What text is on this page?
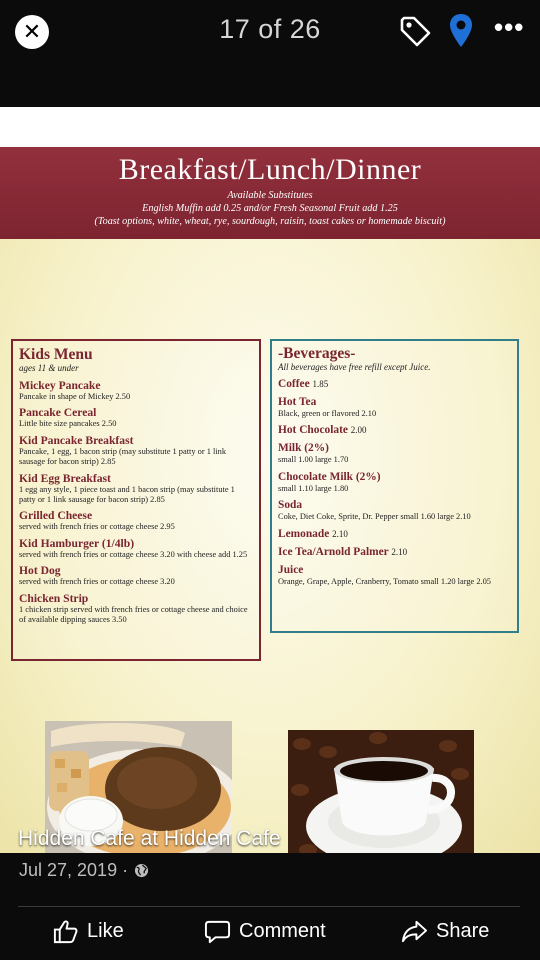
✕	17 of 26	•••
Breakfast/Lunch/Dinner
Available Substitutes
English Muffin add 0.25 and/or Fresh Seasonal Fruit add 1.25
(Toast options, white, wheat, rye, sourdough, raisin, toast cakes or homemade biscuit)
Kids Menu
ages 11 & under
Mickey Pancake
Pancake in shape of Mickey 2.50
Pancake Cereal
Little bite size pancakes 2.50
Kid Pancake Breakfast
Pancake, 1 egg, 1 bacon strip (may substitute 1 patty or 1 link sausage for bacon strip) 2.85
Kid Egg Breakfast
1 egg any style, 1 piece toast and 1 bacon strip (may substitute 1 patty or 1 link sausage for bacon strip) 2.85
Grilled Cheese
served with french fries or cottage cheese 2.95
Kid Hamburger (1/4lb)
served with french fries or cottage cheese 3.20 with cheese add 1.25
Hot Dog
served with french fries or cottage cheese 3.20
Chicken Strip
1 chicken strip served with french fries or cottage cheese and choice of available dipping sauces 3.50
-Beverages-
All beverages have free refill except Juice.
Coffee 1.85
Hot Tea
Black, green or flavored 2.10
Hot Chocolate 2.00
Milk (2%)
small 1.00 large 1.70
Chocolate Milk (2%)
small 1.10 large 1.80
Soda
Coke, Diet Coke, Sprite, Dr. Pepper small 1.60 large 2.10
Lemonade 2.10
Ice Tea/Arnold Palmer 2.10
Juice
Orange, Grape, Apple, Cranberry, Tomato small 1.20 large 2.05
Hidden Cafe at Hidden Cafe
Jul 27, 2019 ·
Like	Comment	Share
